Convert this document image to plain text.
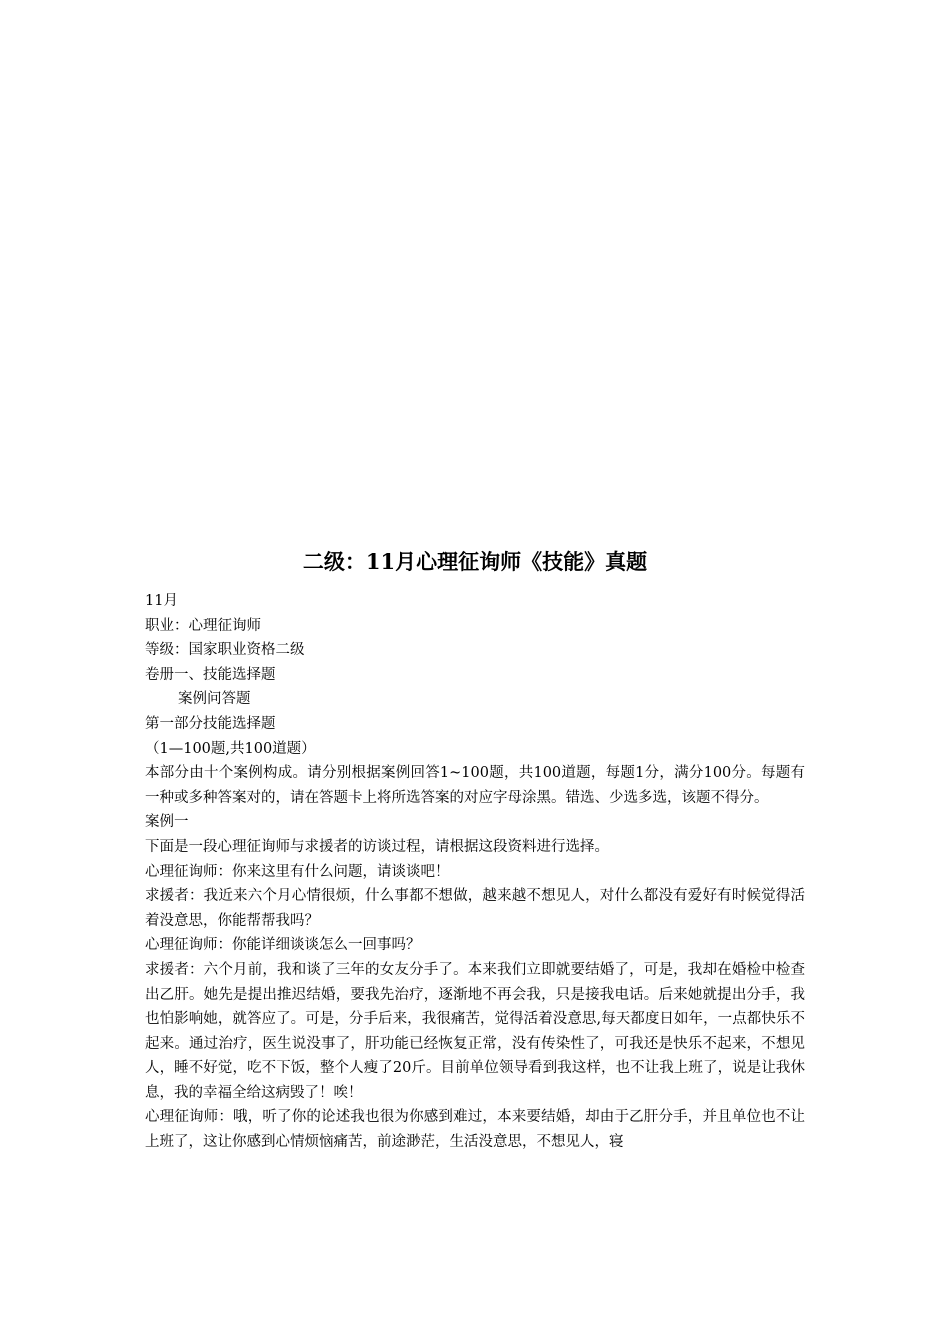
二级：11月心理征询师《技能》真题

11月

职业：心理征询师

等级：国家职业资格二级

卷册一、技能选择题

案例问答题

第一部分技能选择题

（1—100题,共100道题）

本部分由十个案例构成。请分别根据案例回答1~100题，共100道题，每题1分，满分100分。每题有一种或多种答案对的，请在答题卡上将所选答案的对应字母涂黑。错选、少选多选，该题不得分。

案例一

下面是一段心理征询师与求援者的访谈过程，请根据这段资料进行选择。

心理征询师：你来这里有什么问题，请谈谈吧！

求援者：我近来六个月心情很烦，什么事都不想做，越来越不想见人，对什么都没有爱好有时候觉得活着没意思，你能帮帮我吗？

心理征询师：你能详细谈谈怎么一回事吗？

求援者：六个月前，我和谈了三年的女友分手了。本来我们立即就要结婚了，可是，我却在婚检中检查出乙肝。她先是提出推迟结婚，要我先治疗，逐渐地不再会我，只是接我电话。后来她就提出分手，我也怕影响她，就答应了。可是，分手后来，我很痛苦，觉得活着没意思,每天都度日如年，一点都快乐不起来。通过治疗，医生说没事了，肝功能已经恢复正常，没有传染性了，可我还是快乐不起来，不想见人，睡不好觉，吃不下饭，整个人瘦了20斤。目前单位领导看到我这样，也不让我上班了，说是让我休息，我的幸福全给这病毁了！唉！

心理征询师：哦，听了你的论述我也很为你感到难过，本来要结婚，却由于乙肝分手，并且单位也不让上班了，这让你感到心情烦恼痛苦，前途渺茫，生活没意思，不想见人，寝
